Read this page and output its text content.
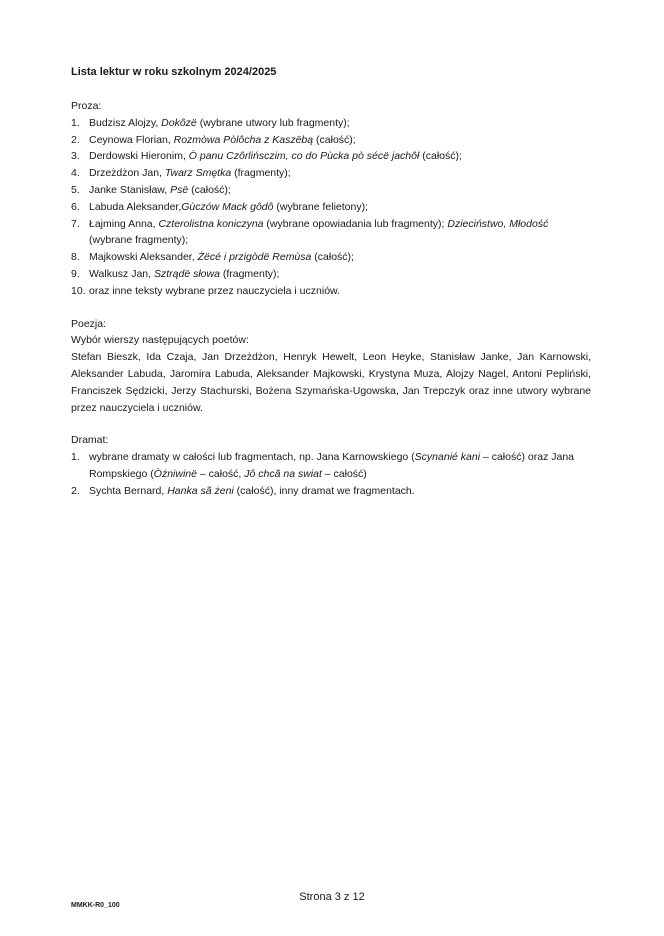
Lista lektur w roku szkolnym 2024/2025
Proza:
1. Budzisz Alojzy, Dokôzë (wybrane utwory lub fragmenty);
2. Ceynowa Florian, Rozmòwa Pòlôcha z Kaszëbą (całość);
3. Derdowski Hieronim, Ò panu Czôrlińsczim, co do Pùcka pò sécë jachôł (całość);
4. Drzeżdżon Jan, Twarz Smętka (fragmenty);
5. Janke Stanisław, Psë (całość);
6. Labuda Aleksander,Gùczów Mack gôdô (wybrane felietony);
7. Łajming Anna, Czterolistna koniczyna (wybrane opowiadania lub fragmenty); Dzieciństwo, Młodość (wybrane fragmenty);
8. Majkowski Aleksander, Żëcé i przigòdë Remùsa (całość);
9. Walkusz Jan, Sztrądë słowa (fragmenty);
10. oraz inne teksty wybrane przez nauczyciela i uczniów.
Poezja:
Wybór wierszy następujących poetów:

Stefan Bieszk, Ida Czaja, Jan Drzeżdżon, Henryk Hewelt, Leon Heyke, Stanisław Janke, Jan Karnowski, Aleksander Labuda, Jaromira Labuda, Aleksander Majkowski, Krystyna Muza, Alojzy Nagel, Antoni Pepliński, Franciszek Sędzicki, Jerzy Stachurski, Bożena Szymańska-Ugowska, Jan Trepczyk oraz inne utwory wybrane przez nauczyciela i uczniów.

Dramat:
1. wybrane dramaty w całości lub fragmentach, np. Jana Karnowskiego (Scynanié kani – całość) oraz Jana Rompskiego (Òżniwinë – całość, Jô chcã na swiat – całość)
2. Sychta Bernard, Hanka sã żeni (całość), inny dramat we fragmentach.
Strona 3 z 12
MMKK-R0_100
